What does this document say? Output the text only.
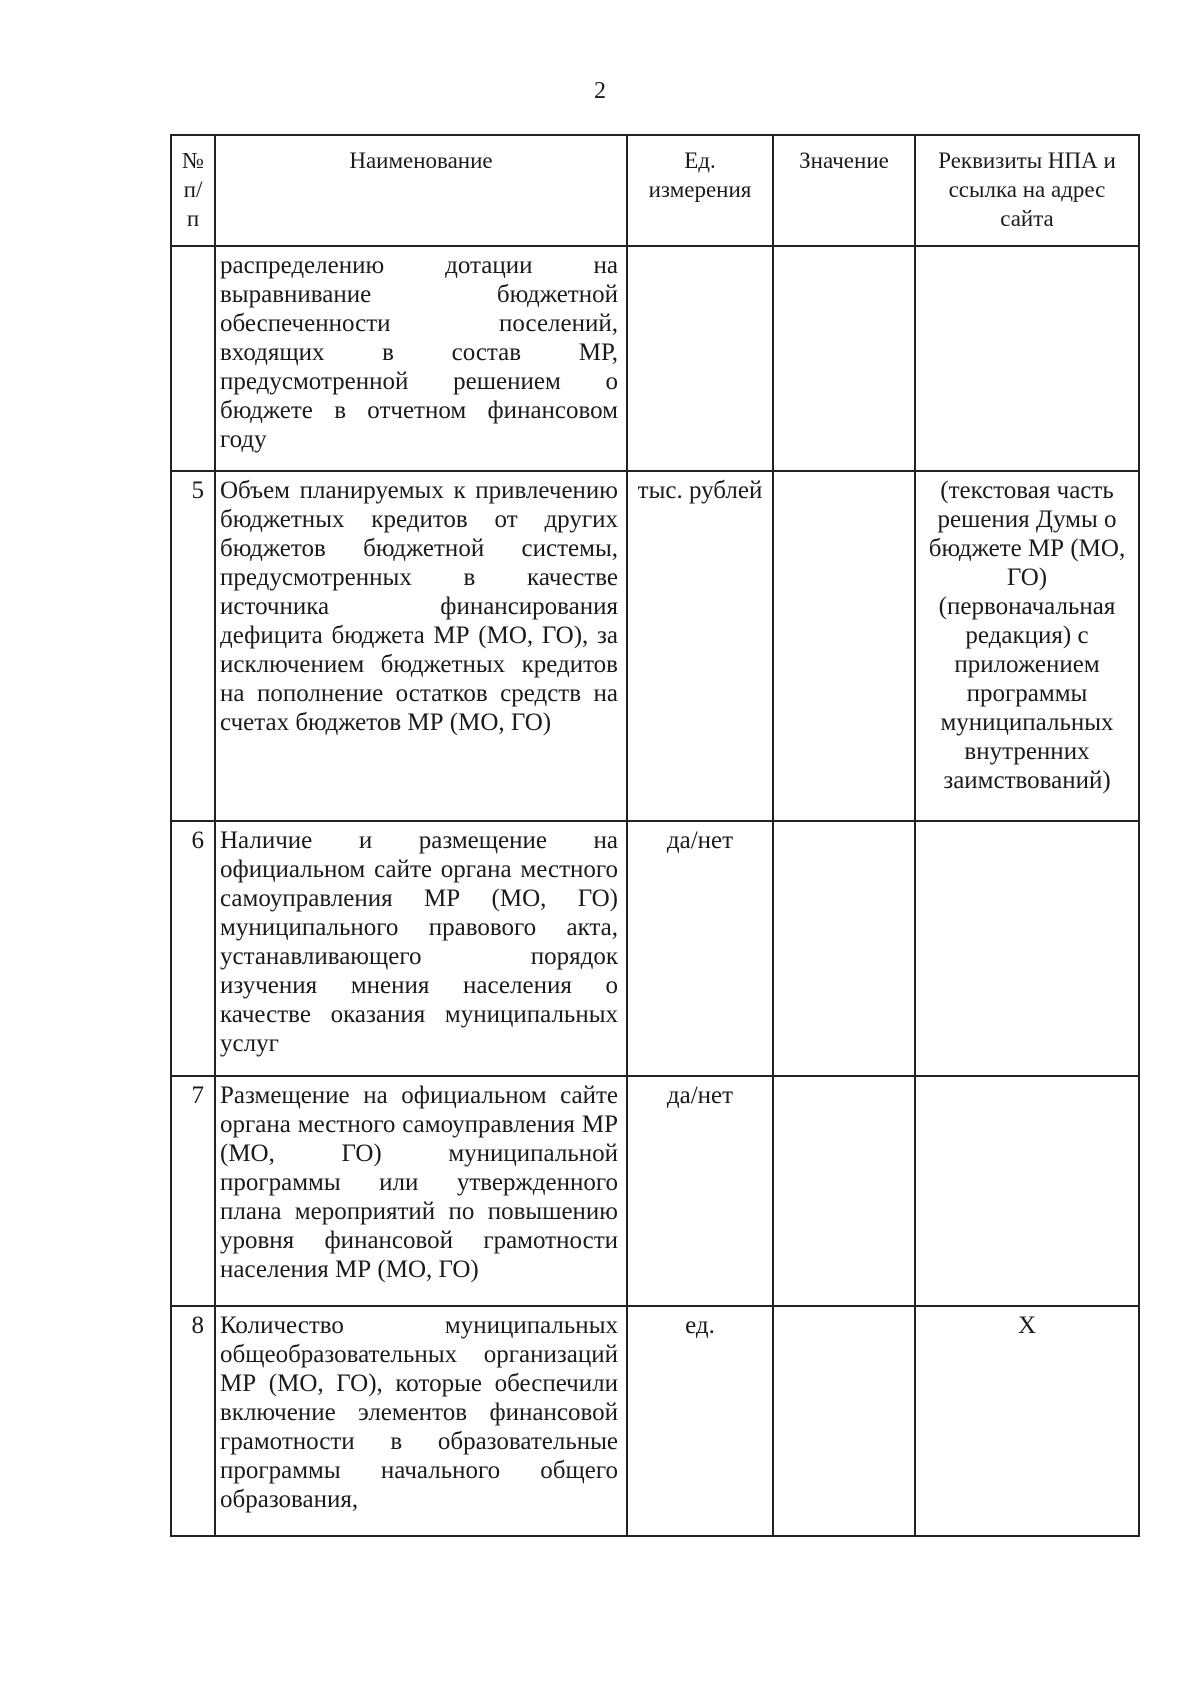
2
№ п/п	Наименование	Ед. измерения	Значение	Реквизиты НПА и ссылка на адрес сайта
	распределению дотации на выравнивание бюджетной обеспеченности поселений, входящих в состав МР, предусмотренной решением о бюджете в отчетном финансовом году			
5	Объем планируемых к привлечению бюджетных кредитов от других бюджетов бюджетной системы, предусмотренных в качестве источника финансирования дефицита бюджета МР (МО, ГО), за исключением бюджетных кредитов на пополнение остатков средств на счетах бюджетов МР (МО, ГО)	тыс. рублей		(текстовая часть решения Думы о бюджете МР (МО, ГО) (первоначальная редакция) с приложением программы муниципальных внутренних заимствований)
6	Наличие и размещение на официальном сайте органа местного самоуправления МР (МО, ГО) муниципального правового акта, устанавливающего порядок изучения мнения населения о качестве оказания муниципальных услуг	да/нет		
7	Размещение на официальном сайте органа местного самоуправления МР (МО, ГО) муниципальной программы или утвержденного плана мероприятий по повышению уровня финансовой грамотности населения МР (МО, ГО)	да/нет		
8	Количество муниципальных общеобразовательных организаций МР (МО, ГО), которые обеспечили включение элементов финансовой грамотности в образовательные программы начального общего образования,	ед.		Х
